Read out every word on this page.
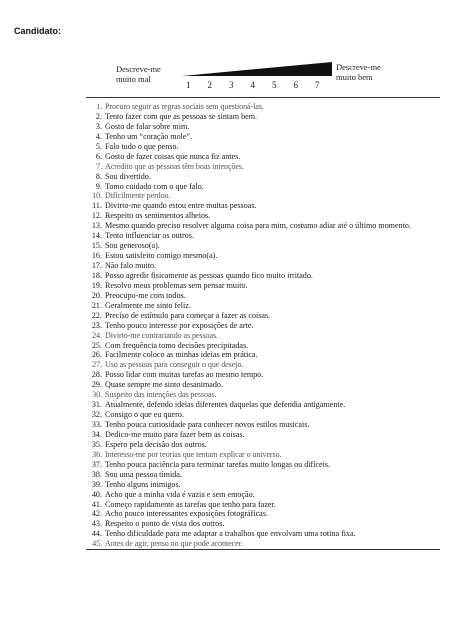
Candidato:
Descreve-me
muito mal
Descreve-me
muito bem
1 2 3 4 5 6 7
1. Procuro seguir as regras sociais sem questioná-las.
2. Tento fazer com que as pessoas se sintam bem.
3. Gosto de falar sobre mim.
4. Tenho um “coração mole”.
5. Falo tudo o que penso.
6. Gosto de fazer coisas que nunca fiz antes.
7. Acredito que as pessoas têm boas intenções.
8. Sou divertido.
9. Tomo cuidado com o que falo.
10. Dificilmente perdoo.
11. Divirto-me quando estou entre muitas pessoas.
12. Respeito os sentimentos alheios.
13. Mesmo quando preciso resolver alguma coisa para mim, costumo adiar até o último momento.
14. Tento influenciar os outros.
15. Sou generoso(a).
16. Estou satisfeito comigo mesmo(a).
17. Não falo muito.
18. Posso agredir fisicamente as pessoas quando fico muito irritado.
19. Resolvo meus problemas sem pensar muito.
20. Preocupo-me com todos.
21. Geralmente me sinto feliz.
22. Preciso de estímulo para começar a fazer as coisas.
23. Tenho pouco interesse por exposições de arte.
24. Divirto-me contrariando as pessoas.
25. Com frequência tomo decisões precipitadas.
26. Facilmente coloco as minhas ideias em prática.
27. Uso as pessoas para conseguir o que desejo.
28. Posso lidar com muitas tarefas ao mesmo tempo.
29. Quase sempre me sinto desanimado.
30. Suspeito das intenções das pessoas.
31. Atualmente, defendo ideias diferentes daquelas que defendia antigamente.
32. Consigo o que eu quero.
33. Tenho pouca curiosidade para conhecer novos estilos musicais.
34. Dedico-me muito para fazer bem as coisas.
35. Espero pela decisão dos outros.
36. Interesso-me por teorias que tentam explicar o universo.
37. Tenho pouca paciência para terminar tarefas muito longas ou difíceis.
38. Sou uma pessoa tímida.
39. Tenho alguns inimigos.
40. Acho que a minha vida é vazia e sem emoção.
41. Começo rapidamente as tarefas que tenho para fazer.
42. Acho pouco interessantes exposições fotográficas.
43. Respeito o ponto de vista dos outros.
44. Tenho dificuldade para me adaptar a trabalhos que envolvam uma rotina fixa.
45. Antes de agir, penso no que pode acontecer.
